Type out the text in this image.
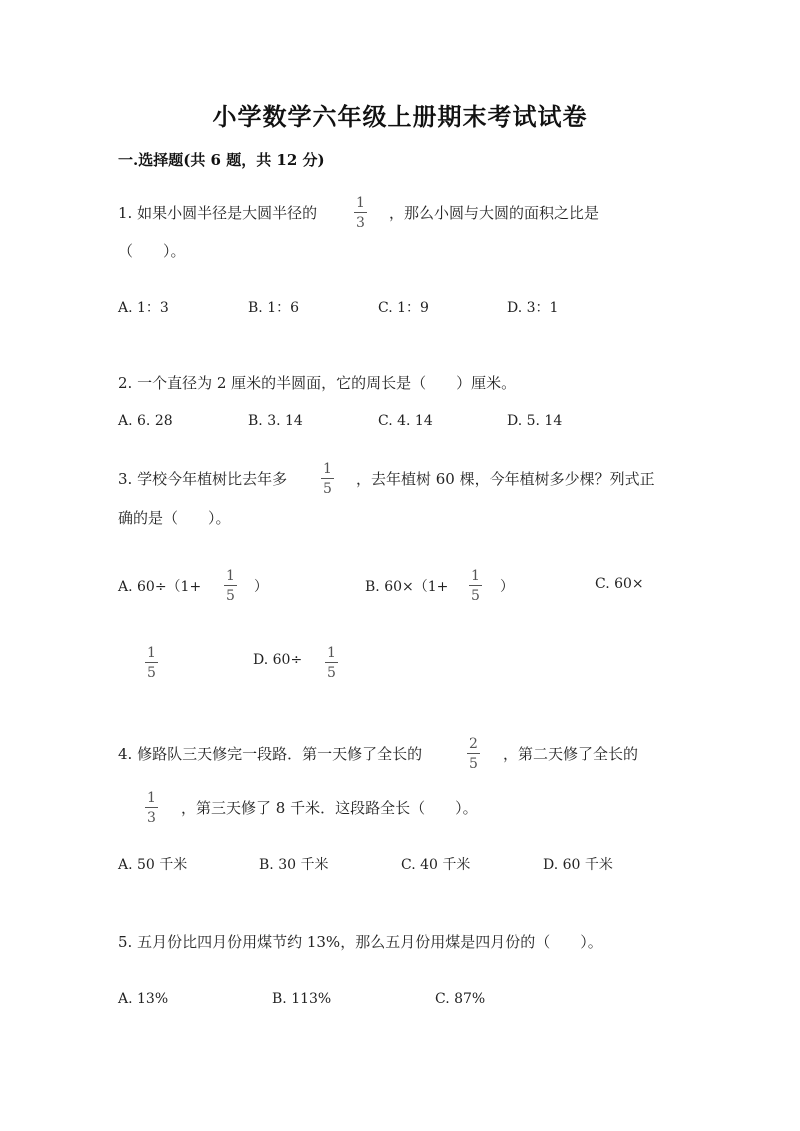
小学数学六年级上册期末考试试卷
一.选择题(共 6 题，共 12 分)
1. 如果小圆半径是大圆半径的	$\frac{1}{3}$ ，那么小圆与大圆的面积之比是
（　　）。
A. 1：3	B. 1：6	C. 1：9	D. 3：1
2. 一个直径为 2 厘米的半圆面，它的周长是（　　）厘米。
A. 6. 28	B. 3. 14	C. 4. 14	D. 5. 14
3. 学校今年植树比去年多 $\frac{1}{5}$ ，去年植树 60 棵，今年植树多少棵？列式正
确的是（　　）。
A. $60\div(1+ \frac{1}{5}$ ）	B. $60\times(1+ \frac{1}{5}$ ）	C. 60×
$\frac{1}{5}$	D. $60\div \frac{1}{5}$
4. 修路队三天修完一段路．第一天修了全长的	$\frac{2}{5}$ ，第二天修了全长的
$\frac{1}{3}$ ，第三天修了 8 千米．这段路全长（　　）。
A. 50 千米	B. 30 千米	C. 40 千米	D. 60 千米
5. 五月份比四月份用煤节约 13%，那么五月份用煤是四月份的（　　）。
A. 13%	B. 113%	C. 87%
